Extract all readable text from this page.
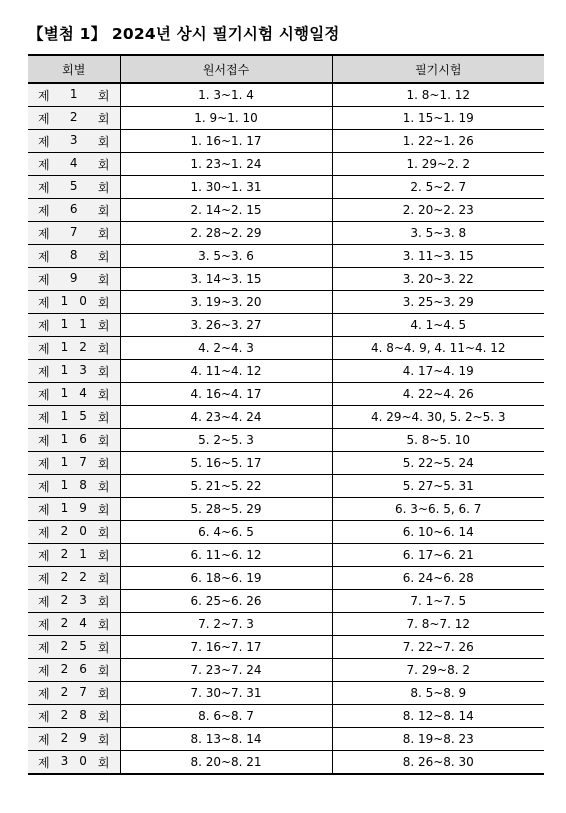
【별첨 1】 2024년 상시 필기시험 시행일정
회별	원서접수	필기시험

제 1 회	1. 3~1. 4	1. 8~1. 12

제 2 회	1. 9~1. 10	1. 15~1. 19

제 3 회	1. 16~1. 17	1. 22~1. 26

제 4 회	1. 23~1. 24	1. 29~2. 2

제 5 회	1. 30~1. 31	2. 5~2. 7

제 6 회	2. 14~2. 15	2. 20~2. 23

제 7 회	2. 28~2. 29	3. 5~3. 8

제 8 회	3. 5~3. 6	3. 11~3. 15

제 9 회	3. 14~3. 15	3. 20~3. 22

제 1 0 회	3. 19~3. 20	3. 25~3. 29

제 1 1 회	3. 26~3. 27	4. 1~4. 5

제 1 2 회	4. 2~4. 3	4. 8~4. 9, 4. 11~4. 12

제 1 3 회	4. 11~4. 12	4. 17~4. 19

제 1 4 회	4. 16~4. 17	4. 22~4. 26

제 1 5 회	4. 23~4. 24	4. 29~4. 30, 5. 2~5. 3

제 1 6 회	5. 2~5. 3	5. 8~5. 10

제 1 7 회	5. 16~5. 17	5. 22~5. 24

제 1 8 회	5. 21~5. 22	5. 27~5. 31

제 1 9 회	5. 28~5. 29	6. 3~6. 5, 6. 7

제 2 0 회	6. 4~6. 5	6. 10~6. 14

제 2 1 회	6. 11~6. 12	6. 17~6. 21

제 2 2 회	6. 18~6. 19	6. 24~6. 28

제 2 3 회	6. 25~6. 26	7. 1~7. 5

제 2 4 회	7. 2~7. 3	7. 8~7. 12

제 2 5 회	7. 16~7. 17	7. 22~7. 26

제 2 6 회	7. 23~7. 24	7. 29~8. 2

제 2 7 회	7. 30~7. 31	8. 5~8. 9

제 2 8 회	8. 6~8. 7	8. 12~8. 14

제 2 9 회	8. 13~8. 14	8. 19~8. 23

제 3 0 회	8. 20~8. 21	8. 26~8. 30
